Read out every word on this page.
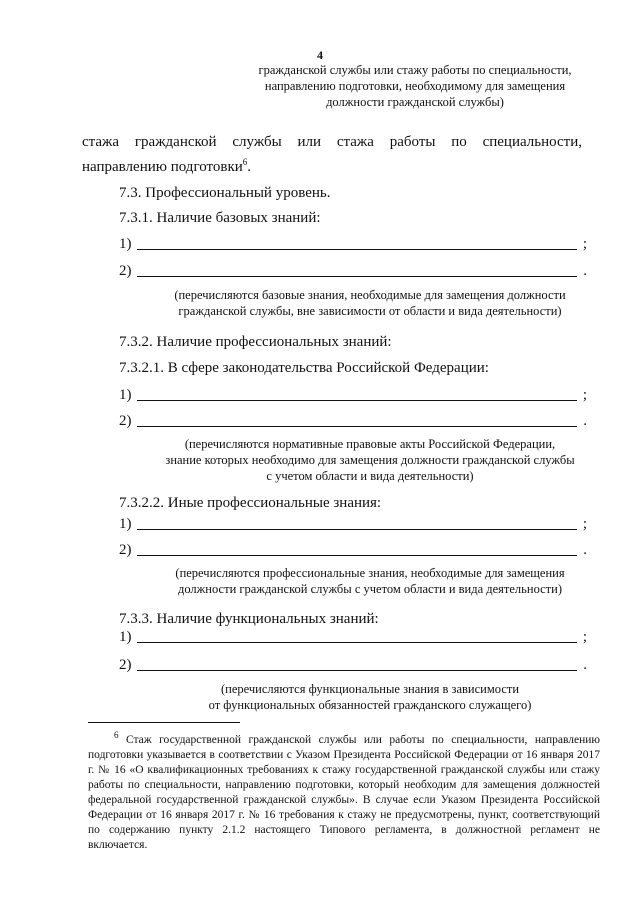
4
гражданской службы или стажу работы по специальности,
направлению подготовки, необходимому для замещения
должности гражданской службы)
стажа гражданской службы или стажа работы по специальности,
направлению подготовки$^6$.
7.3. Профессиональный уровень.
7.3.1. Наличие базовых знаний:
1)	;
2)	.
(перечисляются базовые знания, необходимые для замещения должности
гражданской службы, вне зависимости от области и вида деятельности)
7.3.2. Наличие профессиональных знаний:
7.3.2.1. В сфере законодательства Российской Федерации:
1)	;
2)	.
(перечисляются нормативные правовые акты Российской Федерации,
знание которых необходимо для замещения должности гражданской службы
с учетом области и вида деятельности)
7.3.2.2. Иные профессиональные знания:
1)	;
2)	.
(перечисляются профессиональные знания, необходимые для замещения
должности гражданской службы с учетом области и вида деятельности)
7.3.3. Наличие функциональных знаний:
1)	;
2)	.
(перечисляются функциональные знания в зависимости
от функциональных обязанностей гражданского служащего)
$^6$ Стаж государственной гражданской службы или работы по специальности, направлению подготовки указывается в соответствии с Указом Президента Российской Федерации от 16 января 2017 г. № 16 «О квалификационных требованиях к стажу государственной гражданской службы или стажу работы по специальности, направлению подготовки, который необходим для замещения должностей федеральной государственной гражданской службы». В случае если Указом Президента Российской Федерации от 16 января 2017 г. № 16 требования к стажу не предусмотрены, пункт, соответствующий по содержанию пункту 2.1.2 настоящего Типового регламента, в должностной регламент не включается.
